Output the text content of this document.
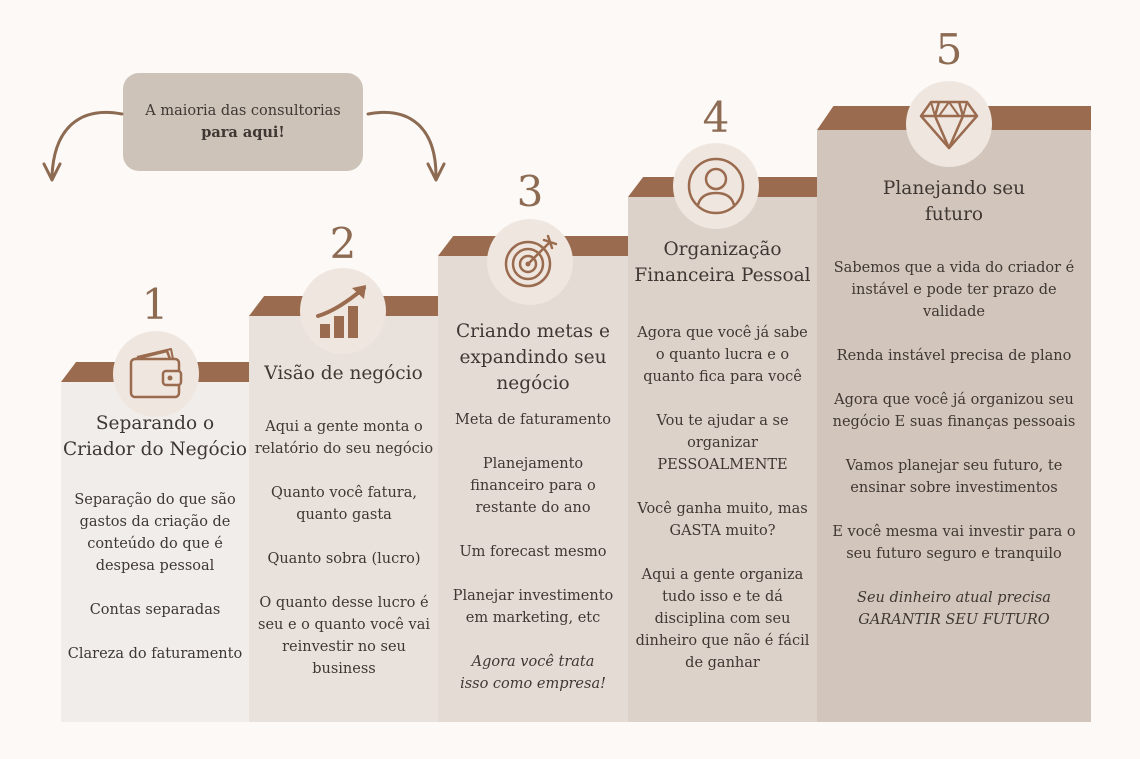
A maioria das consultorias
para aqui!
1
Separando o
Criador do Negócio
Separação do que são gastos da criação de conteúdo do que é despesa pessoal
Contas separadas
Clareza do faturamento
2
Visão de negócio
Aqui a gente monta o relatório do seu negócio
Quanto você fatura, quanto gasta
Quanto sobra (lucro)
O quanto desse lucro é seu e o quanto você vai reinvestir no seu business
3
Criando metas e
expandindo seu
negócio
Meta de faturamento
Planejamento financeiro para o restante do ano
Um forecast mesmo
Planejar investimento em marketing, etc
Agora você trata isso como empresa!
4
Organização
Financeira Pessoal
Agora que você já sabe o quanto lucra e o quanto fica para você
Vou te ajudar a se organizar PESSOALMENTE
Você ganha muito, mas GASTA muito?
Aqui a gente organiza tudo isso e te dá disciplina com seu dinheiro que não é fácil de ganhar
5
Planejando seu
futuro
Sabemos que a vida do criador é instável e pode ter prazo de validade
Renda instável precisa de plano
Agora que você já organizou seu negócio E suas finanças pessoais
Vamos planejar seu futuro, te ensinar sobre investimentos
E você mesma vai investir para o seu futuro seguro e tranquilo
Seu dinheiro atual precisa GARANTIR SEU FUTURO
